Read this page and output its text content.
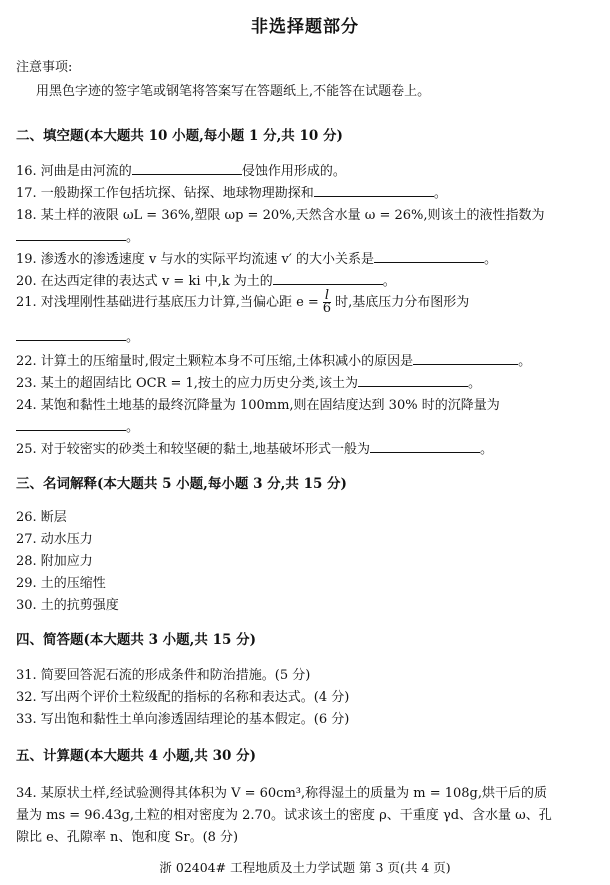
非选择题部分
注意事项:
用黑色字迹的签字笔或钢笔将答案写在答题纸上,不能答在试题卷上。
二、填空题(本大题共 10 小题,每小题 1 分,共 10 分)
16. 河曲是由河流的	侵蚀作用形成的。
17. 一般勘探工作包括坑探、钻探、地球物理勘探和	。
18. 某土样的液限 ωL = 36%,塑限 ωp = 20%,天然含水量 ω = 26%,则该土的液性指数为
。
19. 渗透水的渗透速度 v 与水的实际平均流速 v′ 的大小关系是	。
20. 在达西定律的表达式 v = ki 中,k 为土的	。
21. 对浅埋刚性基础进行基底压力计算,当偏心距 $e = \frac{l}{6}$ 时,基底压力分布图形为
。
22. 计算土的压缩量时,假定土颗粒本身不可压缩,土体积减小的原因是	。
23. 某土的超固结比 OCR = 1,按土的应力历史分类,该土为	。
24. 某饱和黏性土地基的最终沉降量为 100mm,则在固结度达到 30% 时的沉降量为
。
25. 对于较密实的砂类土和较坚硬的黏土,地基破坏形式一般为	。
三、名词解释(本大题共 5 小题,每小题 3 分,共 15 分)
26. 断层
27. 动水压力
28. 附加应力
29. 土的压缩性
30. 土的抗剪强度
四、简答题(本大题共 3 小题,共 15 分)
31. 简要回答泥石流的形成条件和防治措施。(5 分)
32. 写出两个评价土粒级配的指标的名称和表达式。(4 分)
33. 写出饱和黏性土单向渗透固结理论的基本假定。(6 分)
五、计算题(本大题共 4 小题,共 30 分)
34. 某原状土样,经试验测得其体积为 V = 60cm³,称得湿土的质量为 m = 108g,烘干后的质
量为 ms = 96.43g,土粒的相对密度为 2.70。试求该土的密度 ρ、干重度 γd、含水量 ω、孔
隙比 e、孔隙率 n、饱和度 Sr。(8 分)
浙 02404# 工程地质及土力学试题 第 3 页(共 4 页)
